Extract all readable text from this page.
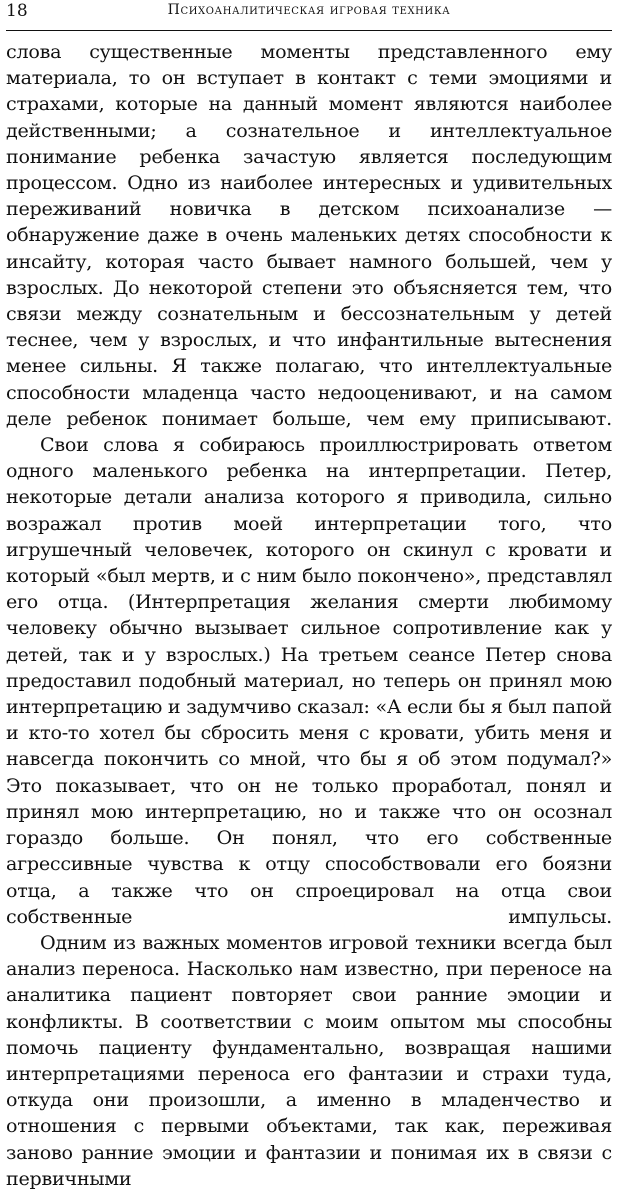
18	Психоаналитическая игровая техника

слова существенные моменты представленного ему материала, то он вступает в контакт с теми эмоциями и страхами, которые на данный момент являются наиболее действенными; а сознательное и интеллектуальное понимание ребенка зачастую является последующим процессом. Одно из наиболее интересных и удивительных переживаний новичка в детском психоанализе — обнаружение даже в очень маленьких детях способности к инсайту, которая часто бывает намного большей, чем у взрослых. До некоторой степени это объясняется тем, что связи между сознательным и бессознательным у детей теснее, чем у взрослых, и что инфантильные вытеснения менее сильны. Я также полагаю, что интеллектуальные способности младенца часто недооценивают, и на самом деле ребенок понимает больше, чем ему приписывают.

Свои слова я собираюсь проиллюстрировать ответом одного маленького ребенка на интерпретации. Петер, некоторые детали анализа которого я приводила, сильно возражал против моей интерпретации того, что игрушечный человечек, которого он скинул с кровати и который «был мертв, и с ним было покончено», представлял его отца. (Интерпретация желания смерти любимому человеку обычно вызывает сильное сопротивление как у детей, так и у взрослых.) На третьем сеансе Петер снова предоставил подобный материал, но теперь он принял мою интерпретацию и задумчиво сказал: «А если бы я был папой и кто-то хотел бы сбросить меня с кровати, убить меня и навсегда покончить со мной, что бы я об этом подумал?» Это показывает, что он не только проработал, понял и принял мою интерпретацию, но и также что он осознал гораздо больше. Он понял, что его собственные агрессивные чувства к отцу способствовали его боязни отца, а также что он спроецировал на отца свои собственные импульсы.

Одним из важных моментов игровой техники всегда был анализ переноса. Насколько нам известно, при переносе на аналитика пациент повторяет свои ранние эмоции и конфликты. В соответствии с моим опытом мы способны помочь пациенту фундаментально, возвращая нашими интерпретациями переноса его фантазии и страхи туда, откуда они произошли, а именно в младенчество и отношения с первыми объектами, так как, переживая заново ранние эмоции и фантазии и понимая их в связи с первичными
